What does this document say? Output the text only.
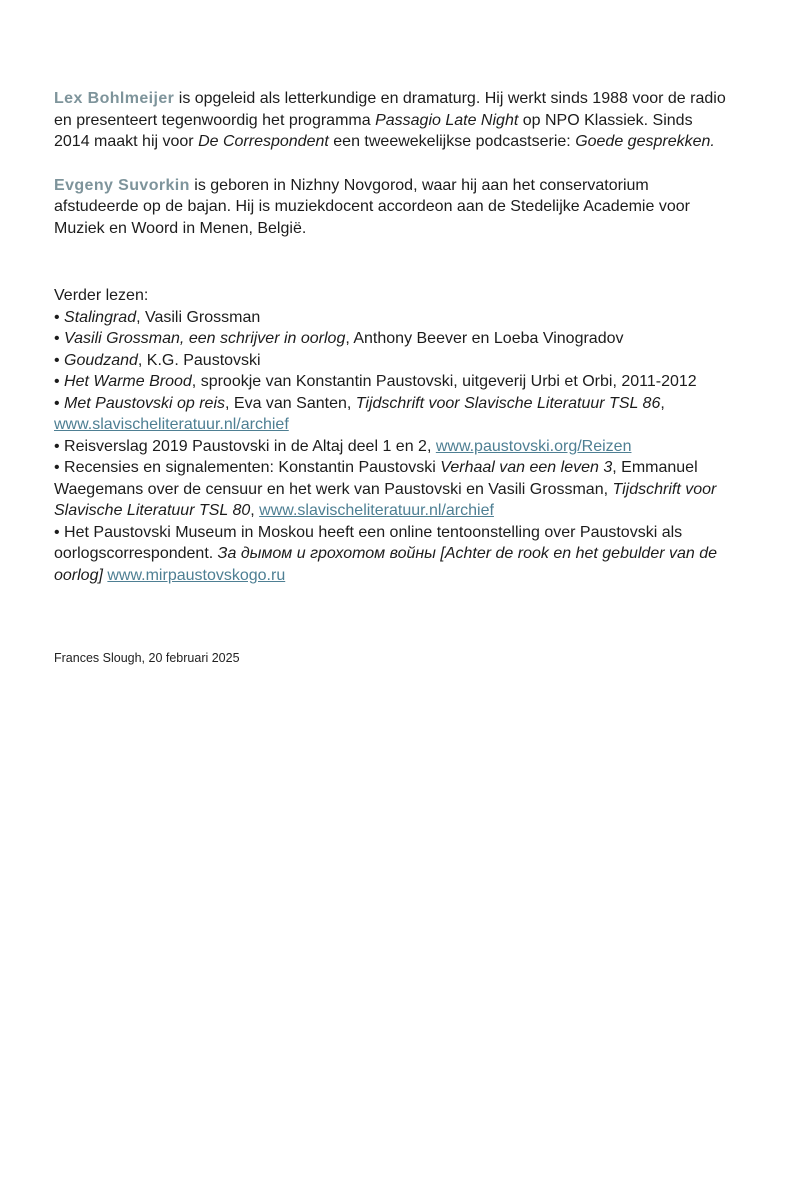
Lex Bohlmeijer is opgeleid als letterkundige en dramaturg. Hij werkt sinds 1988 voor de radio en presenteert tegenwoordig het programma Passagio Late Night op NPO Klassiek. Sinds 2014 maakt hij voor De Correspondent een tweewekelijkse podcastserie: Goede gesprekken.

Evgeny Suvorkin is geboren in Nizhny Novgorod, waar hij aan het conservatorium afstudeerde op de bajan. Hij is muziekdocent accordeon aan de Stedelijke Academie voor Muziek en Woord in Menen, België.

Verder lezen:

• Stalingrad, Vasili Grossman
• Vasili Grossman, een schrijver in oorlog, Anthony Beever en Loeba Vinogradov
• Goudzand, K.G. Paustovski
• Het Warme Brood, sprookje van Konstantin Paustovski, uitgeverij Urbi et Orbi, 2011-2012
• Met Paustovski op reis, Eva van Santen, Tijdschrift voor Slavische Literatuur TSL 86, www.slavischeliteratuur.nl/archief
• Reisverslag 2019 Paustovski in de Altaj deel 1 en 2, www.paustovski.org/Reizen
• Recensies en signalementen: Konstantin Paustovski Verhaal van een leven 3, Emmanuel Waegemans over de censuur en het werk van Paustovski en Vasili Grossman, Tijdschrift voor Slavische Literatuur TSL 80, www.slavischeliteratuur.nl/archief
• Het Paustovski Museum in Moskou heeft een online tentoonstelling over Paustovski als oorlogscorrespondent. За дымом и грохотом войны [Achter de rook en het gebulder van de oorlog] www.mirpaustovskogo.ru
Frances Slough, 20 februari 2025
